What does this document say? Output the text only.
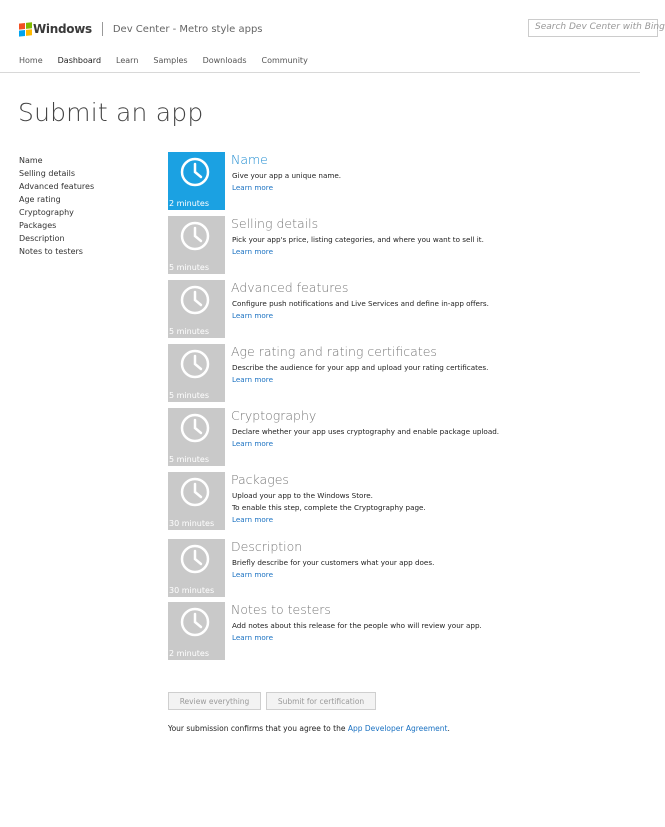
Windows Dev Center - Metro style apps	Search Dev Center with Bing
Home Dashboard Learn Samples Downloads Community
Submit an app
Name
Selling details
Advanced features
Age rating
Cryptography
Packages
Description
Notes to testers
2 minutes
Name
Give your app a unique name.
Learn more
5 minutes
Selling details
Pick your app's price, listing categories, and where you want to sell it.
Learn more
5 minutes
Advanced features
Configure push notifications and Live Services and define in-app offers.
Learn more
5 minutes
Age rating and rating certificates
Describe the audience for your app and upload your rating certificates.
Learn more
5 minutes
Cryptography
Declare whether your app uses cryptography and enable package upload.
Learn more
30 minutes
Packages
Upload your app to the Windows Store.
To enable this step, complete the Cryptography page.
Learn more
30 minutes
Description
Briefly describe for your customers what your app does.
Learn more
2 minutes
Notes to testers
Add notes about this release for the people who will review your app.
Learn more
Review everything	Submit for certification
Your submission confirms that you agree to the App Developer Agreement.
